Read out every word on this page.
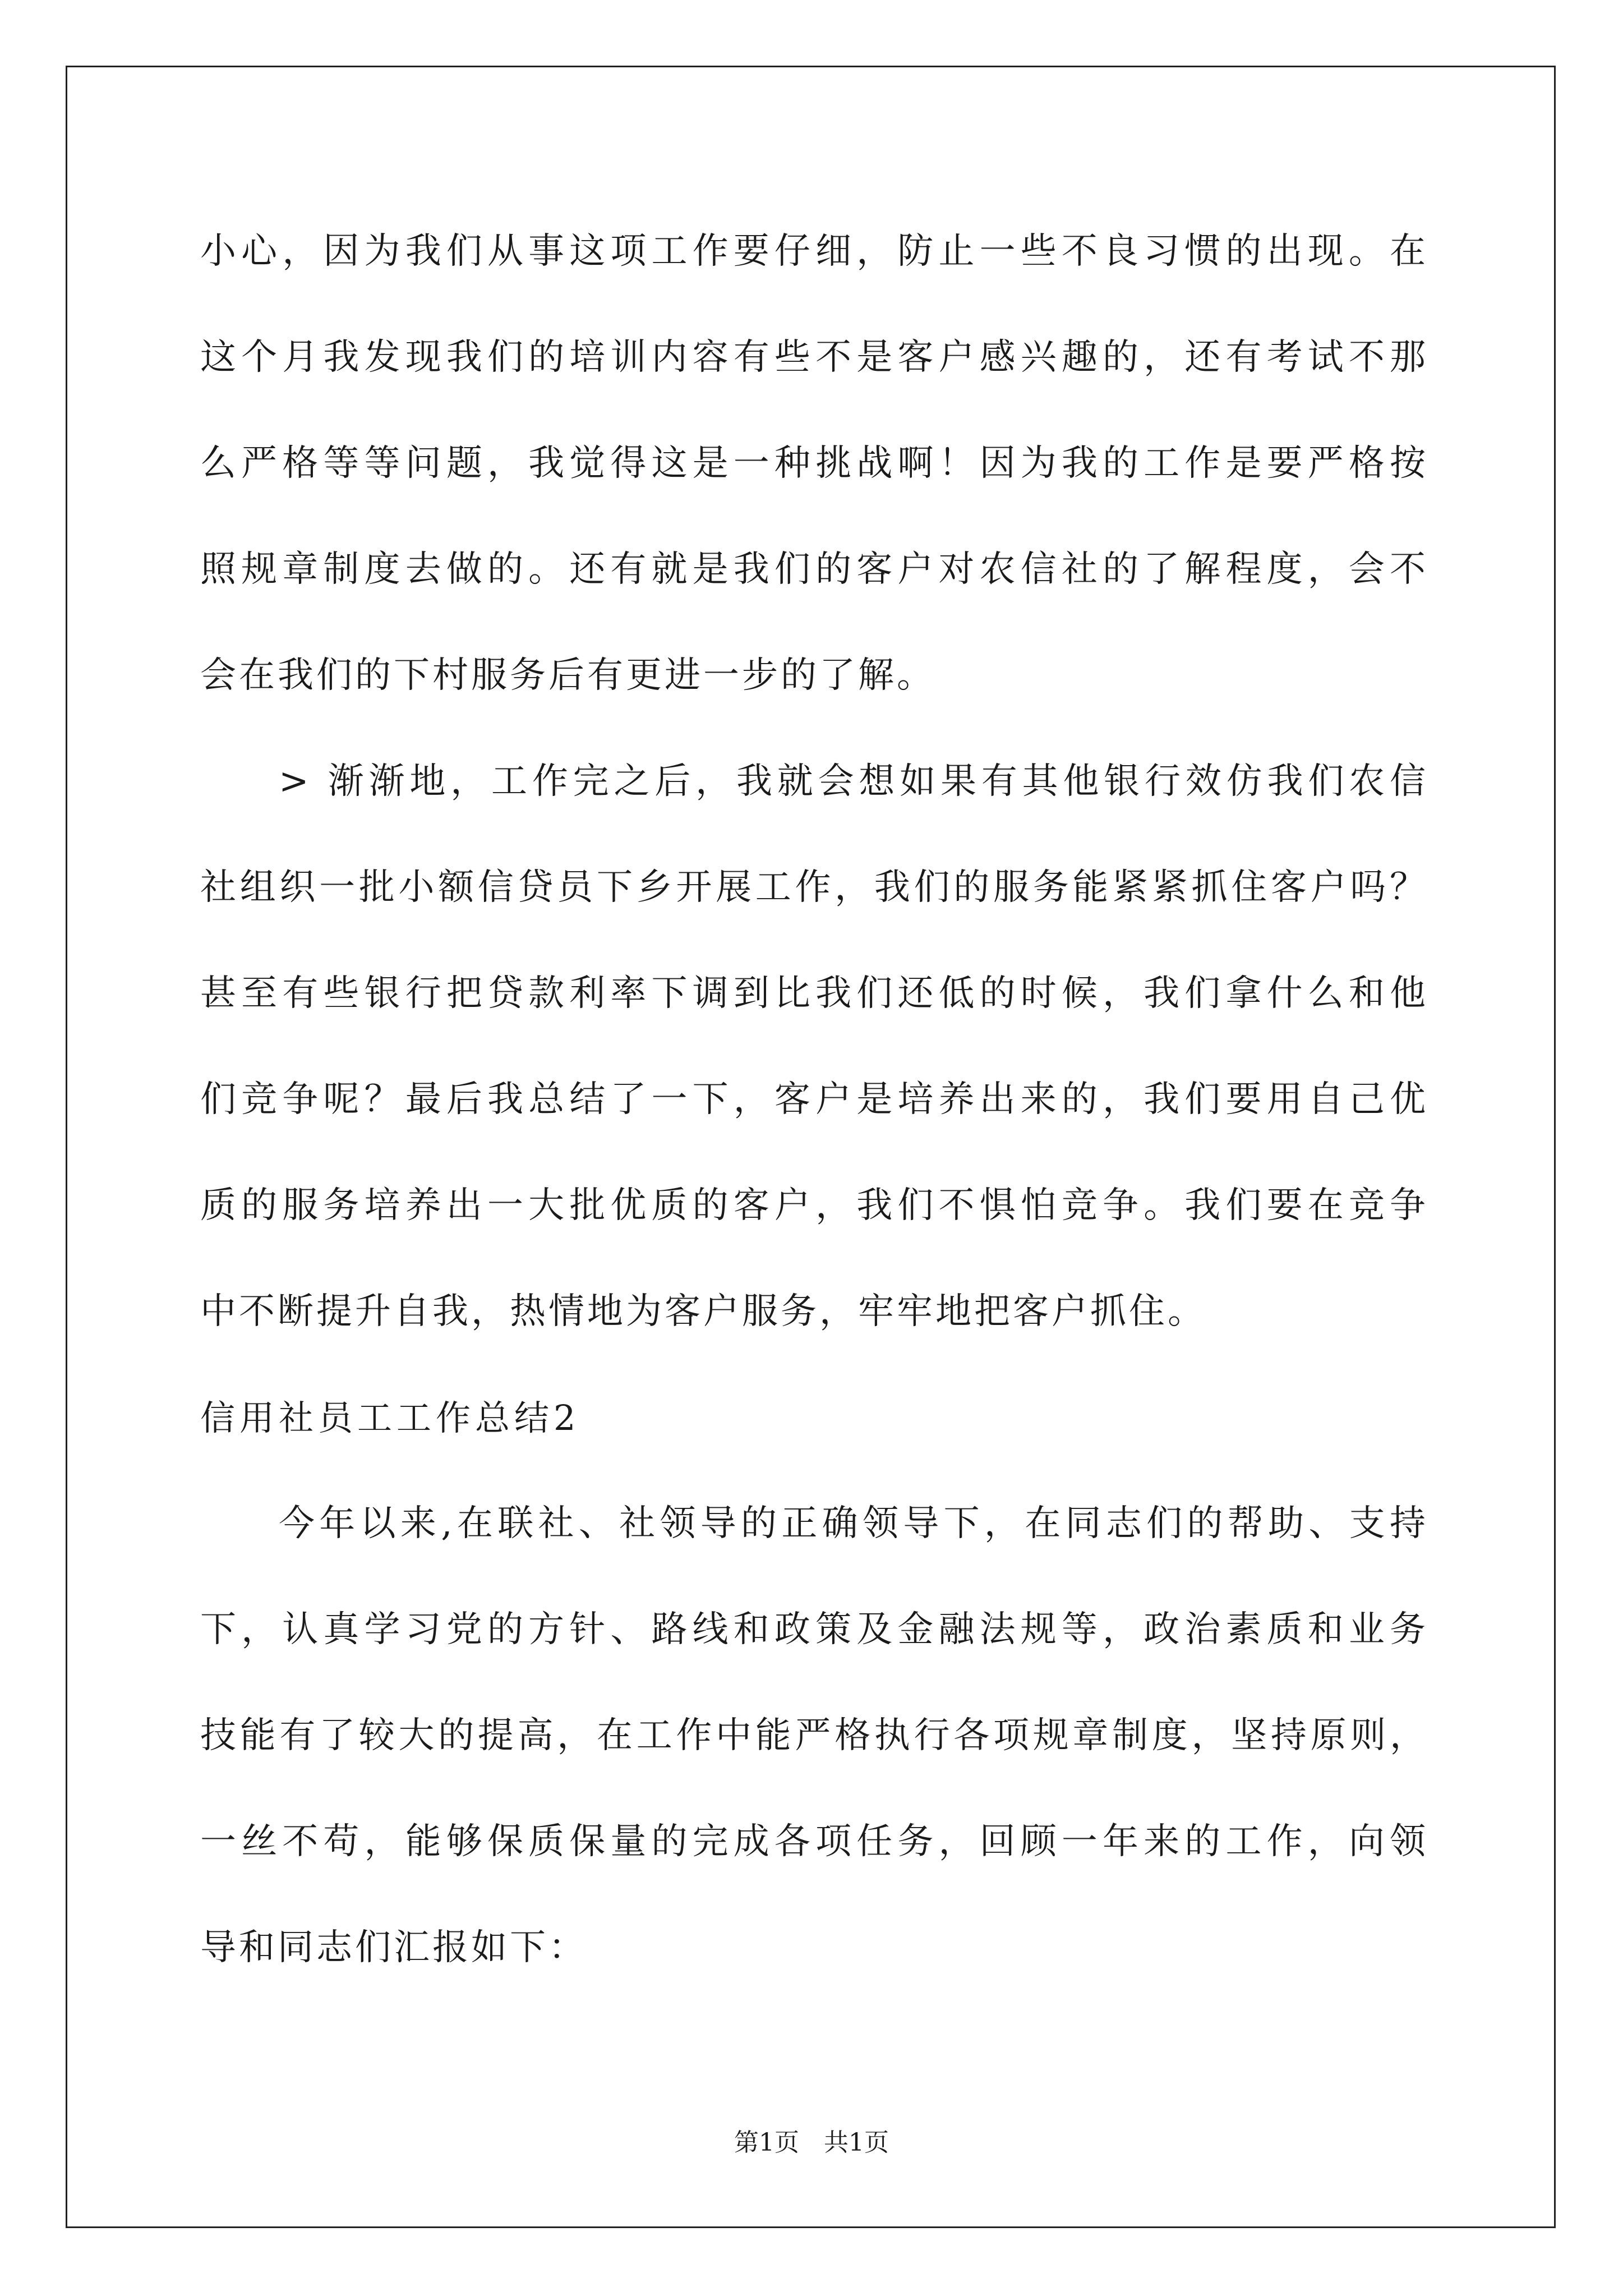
小心，因为我们从事这项工作要仔细，防止一些不良习惯的出现。在
这个月我发现我们的培训内容有些不是客户感兴趣的，还有考试不那
么严格等等问题，我觉得这是一种挑战啊！因为我的工作是要严格按
照规章制度去做的。还有就是我们的客户对农信社的了解程度，会不
会在我们的下村服务后有更进一步的了解。
> 渐渐地，工作完之后，我就会想如果有其他银行效仿我们农信
社组织一批小额信贷员下乡开展工作，我们的服务能紧紧抓住客户吗？
甚至有些银行把贷款利率下调到比我们还低的时候，我们拿什么和他
们竞争呢？最后我总结了一下，客户是培养出来的，我们要用自己优
质的服务培养出一大批优质的客户，我们不惧怕竞争。我们要在竞争
中不断提升自我，热情地为客户服务，牢牢地把客户抓住。
信用社员工工作总结2
今年以来,在联社、社领导的正确领导下，在同志们的帮助、支持
下，认真学习党的方针、路线和政策及金融法规等，政治素质和业务
技能有了较大的提高，在工作中能严格执行各项规章制度，坚持原则，
一丝不苟，能够保质保量的完成各项任务，回顾一年来的工作，向领
导和同志们汇报如下：
第1页 共1页
